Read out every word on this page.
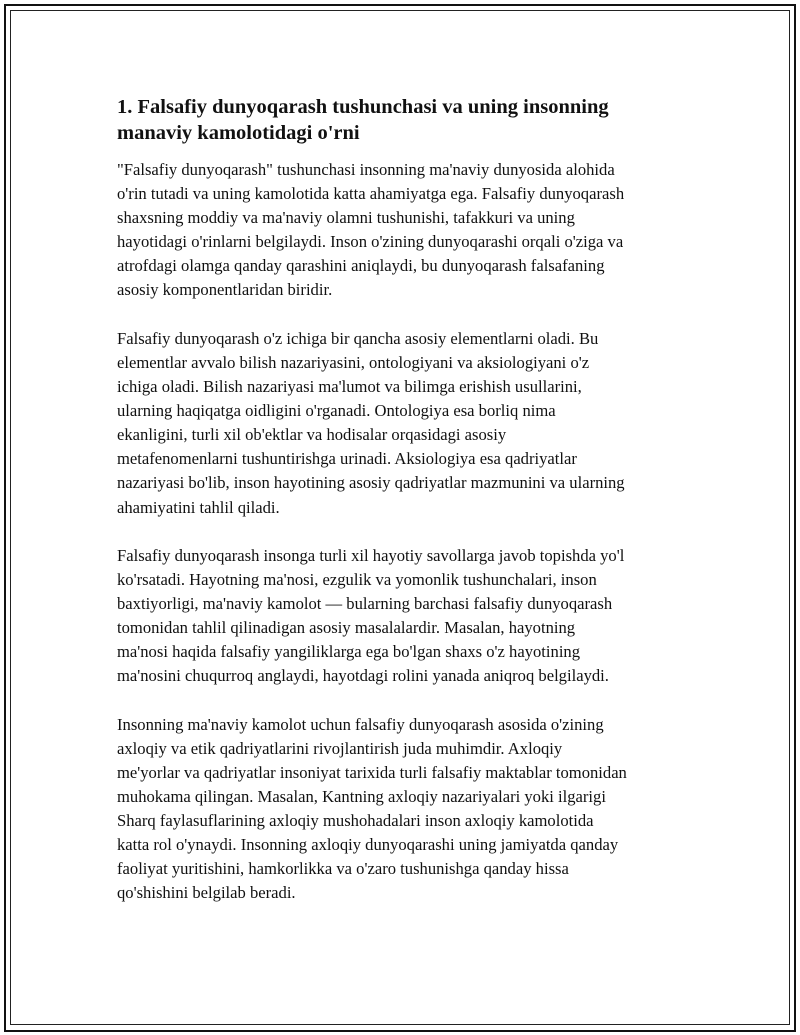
1. Falsafiy dunyoqarash tushunchasi va uning insonning
manaviy kamolotidagi o'rni

"Falsafiy dunyoqarash" tushunchasi insonning ma'naviy dunyosida alohida
o'rin tutadi va uning kamolotida katta ahamiyatga ega. Falsafiy dunyoqarash
shaxsning moddiy va ma'naviy olamni tushunishi, tafakkuri va uning
hayotidagi o'rinlarni belgilaydi. Inson o'zining dunyoqarashi orqali o'ziga va
atrofdagi olamga qanday qarashini aniqlaydi, bu dunyoqarash falsafaning
asosiy komponentlaridan biridir.

Falsafiy dunyoqarash o'z ichiga bir qancha asosiy elementlarni oladi. Bu
elementlar avvalo bilish nazariyasini, ontologiyani va aksiologiyani o'z
ichiga oladi. Bilish nazariyasi ma'lumot va bilimga erishish usullarini,
ularning haqiqatga oidligini o'rganadi. Ontologiya esa borliq nima
ekanligini, turli xil ob'ektlar va hodisalar orqasidagi asosiy
metafenomenlarni tushuntirishga urinadi. Aksiologiya esa qadriyatlar
nazariyasi bo'lib, inson hayotining asosiy qadriyatlar mazmunini va ularning
ahamiyatini tahlil qiladi.

Falsafiy dunyoqarash insonga turli xil hayotiy savollarga javob topishda yo'l
ko'rsatadi. Hayotning ma'nosi, ezgulik va yomonlik tushunchalari, inson
baxtiyorligi, ma'naviy kamolot — bularning barchasi falsafiy dunyoqarash
tomonidan tahlil qilinadigan asosiy masalalardir. Masalan, hayotning
ma'nosi haqida falsafiy yangiliklarga ega bo'lgan shaxs o'z hayotining
ma'nosini chuqurroq anglaydi, hayotdagi rolini yanada aniqroq belgilaydi.

Insonning ma'naviy kamolot uchun falsafiy dunyoqarash asosida o'zining
axloqiy va etik qadriyatlarini rivojlantirish juda muhimdir. Axloqiy
me'yorlar va qadriyatlar insoniyat tarixida turli falsafiy maktablar tomonidan
muhokama qilingan. Masalan, Kantning axloqiy nazariyalari yoki ilgarigi
Sharq faylasuflarining axloqiy mushohadalari inson axloqiy kamolotida
katta rol o'ynaydi. Insonning axloqiy dunyoqarashi uning jamiyatda qanday
faoliyat yuritishini, hamkorlikka va o'zaro tushunishga qanday hissa
qo'shishini belgilab beradi.
